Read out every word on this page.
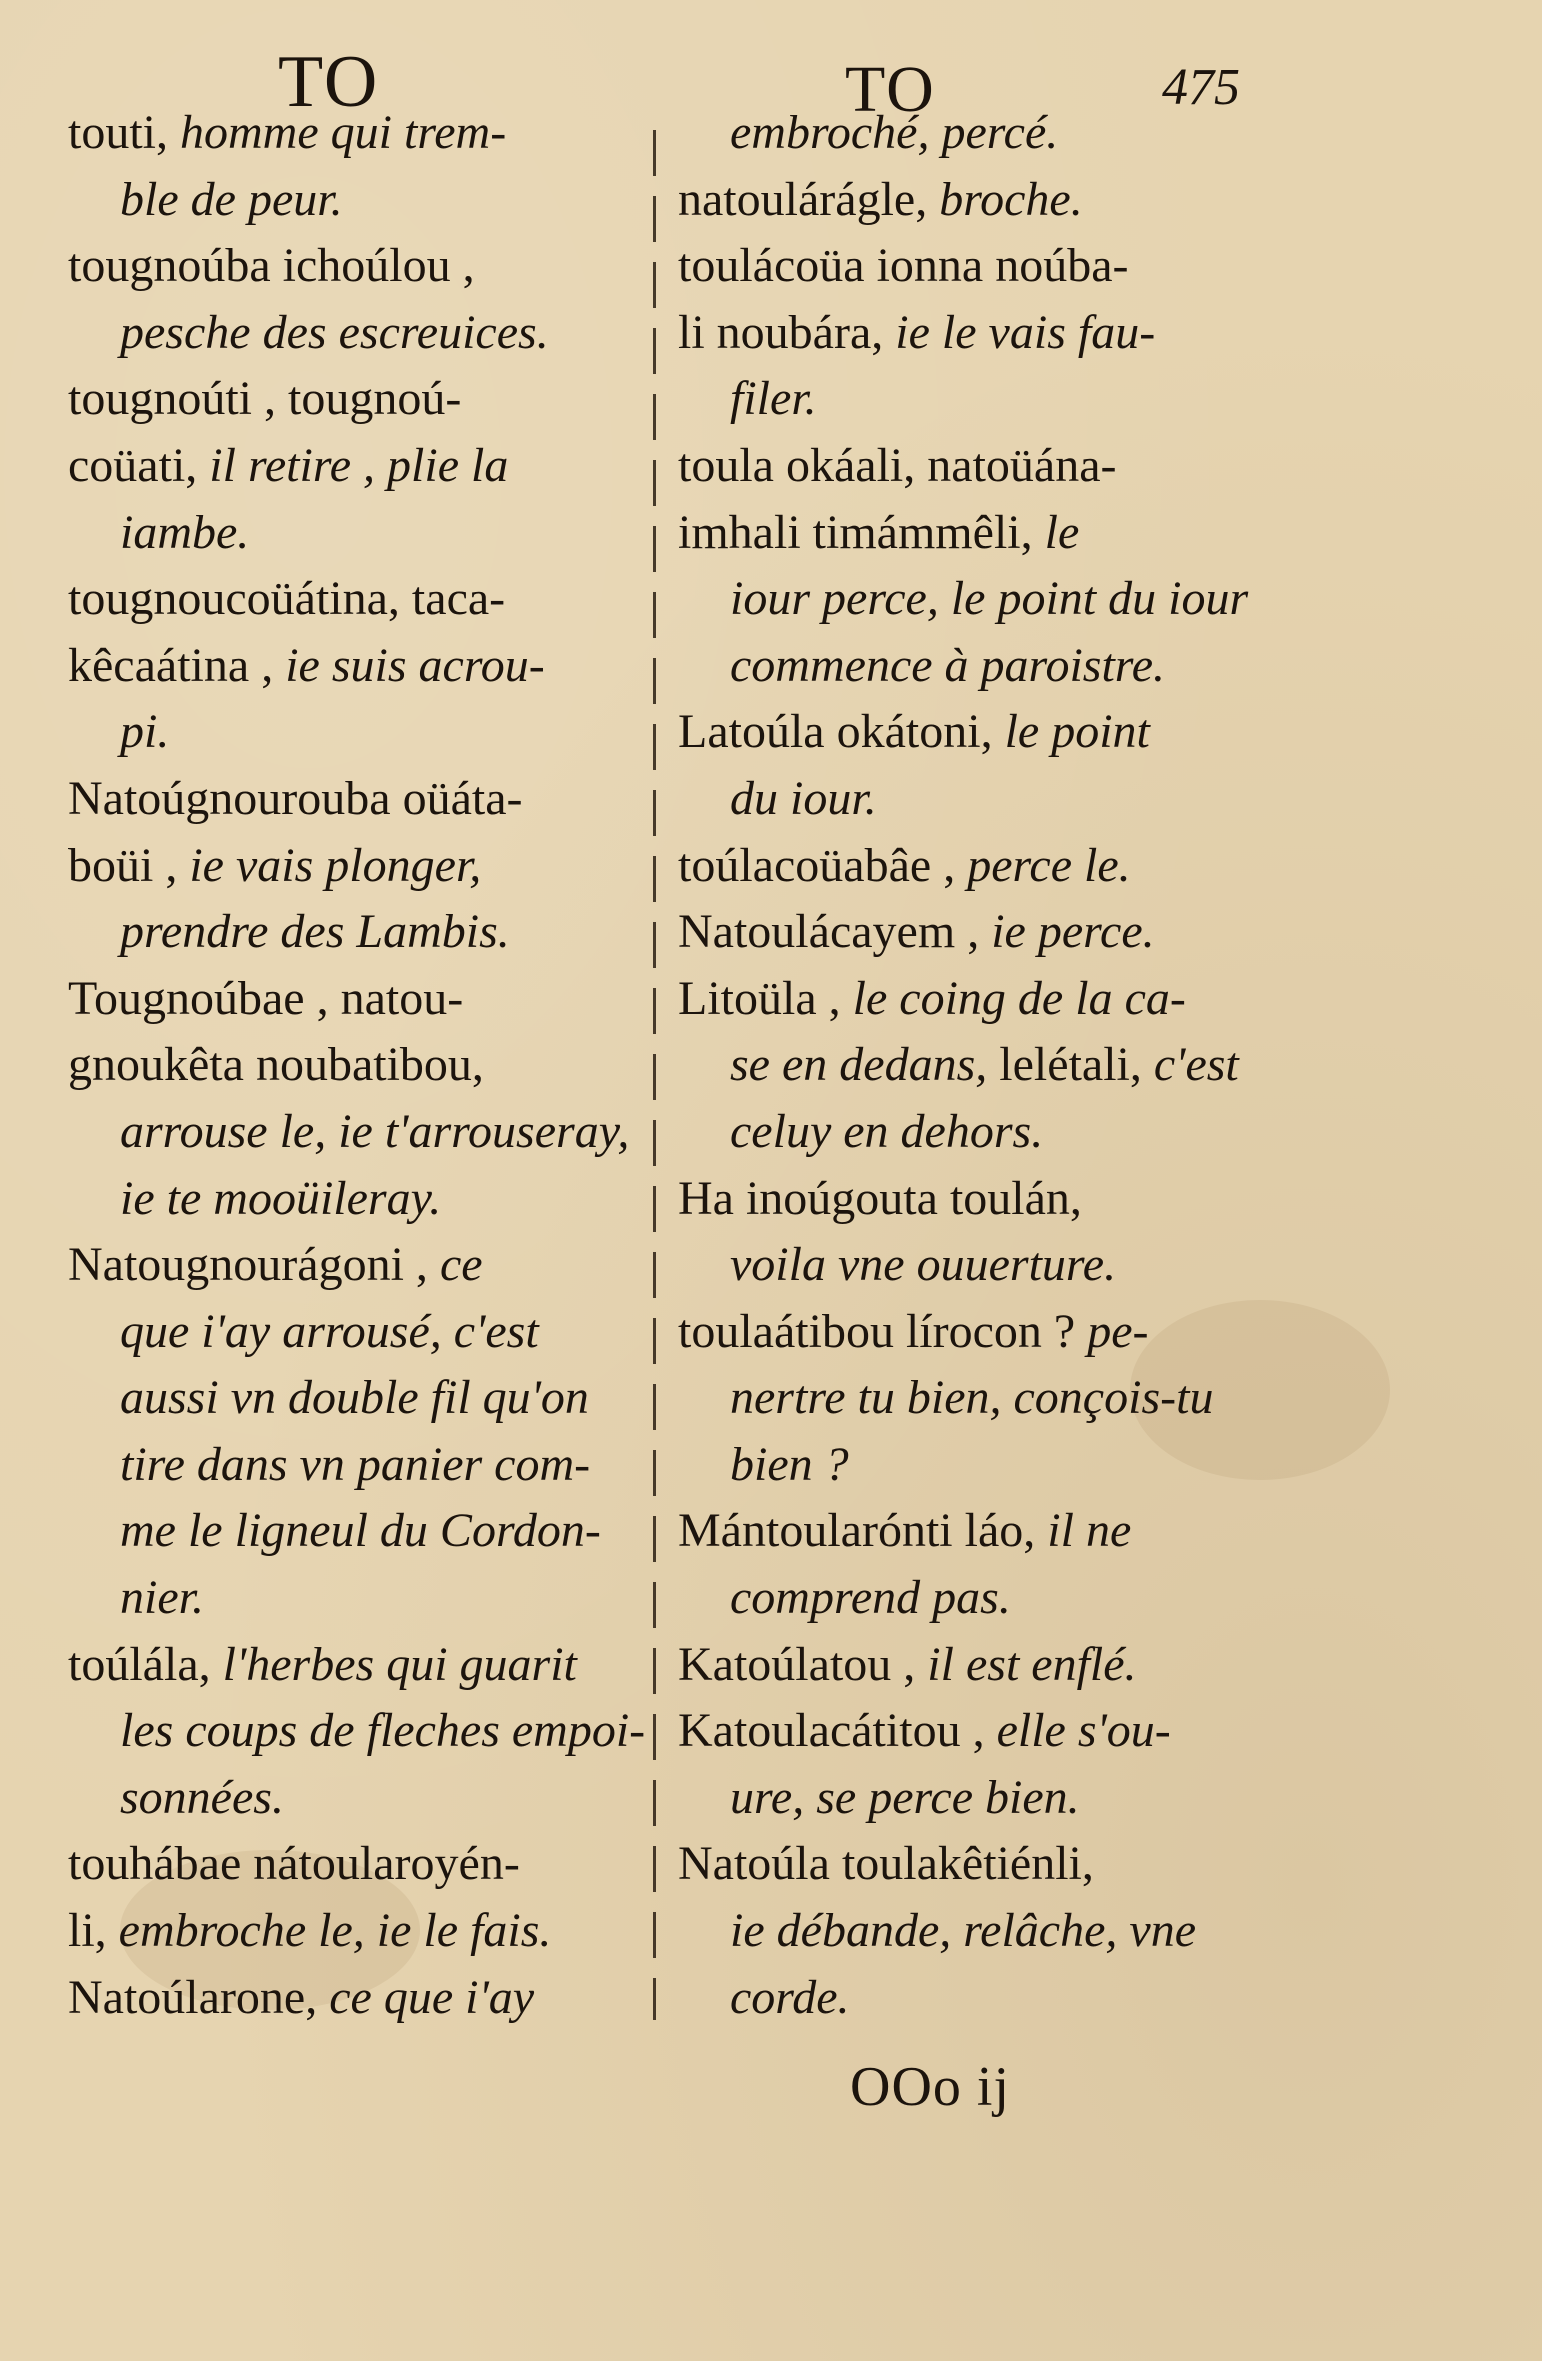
TO	TO	475
touti, homme qui trem-
ble de peur.
tougnoúba ichoúlou ,
pesche des escreuices.
tougnoúti , tougnoú-
coüati, il retire , plie la
iambe.
tougnoucoüátina, taca-
kêcaátina , ie suis acrou-
pi.
Natoúgnourouba oüáta-
boüi , ie vais plonger,
prendre des Lambis.
Tougnoúbae , natou-
gnoukêta noubatibou,
arrouse le, ie t'arrouseray,
ie te mooüileray.
Natougnourágoni , ce
que i'ay arrousé, c'est
aussi vn double fil qu'on
tire dans vn panier com-
me le ligneul du Cordon-
nier.
toúlála, l'herbes qui guarit
les coups de fleches empoi-
sonnées.
touhábae nátoularoyén-
li, embroche le, ie le fais.
Natoúlarone, ce que i'ay
embroché, percé.
natoulárágle, broche.
toulácoüa ionna noúba-
li noubára, ie le vais fau-
filer.
toula okáali, natoüána-
imhali timámmêli, le
iour perce, le point du iour
commence à paroistre.
Latoúla okátoni, le point
du iour.
toúlacoüabâe , perce le.
Natoulácayem , ie perce.
Litoüla , le coing de la ca-
se en dedans, lelétali, c'est
celuy en dehors.
Ha inoúgouta toulán,
voila vne ouuerture.
toulaátibou lírocon ? pe-
nertre tu bien, conçois-tu
bien ?
Mántoularónti láo, il ne
comprend pas.
Katoúlatou , il est enflé.
Katoulacátitou , elle s'ou-
ure, se perce bien.
Natoúla toulakêtiénli,
ie débande, relâche, vne
corde.
OOo ij
